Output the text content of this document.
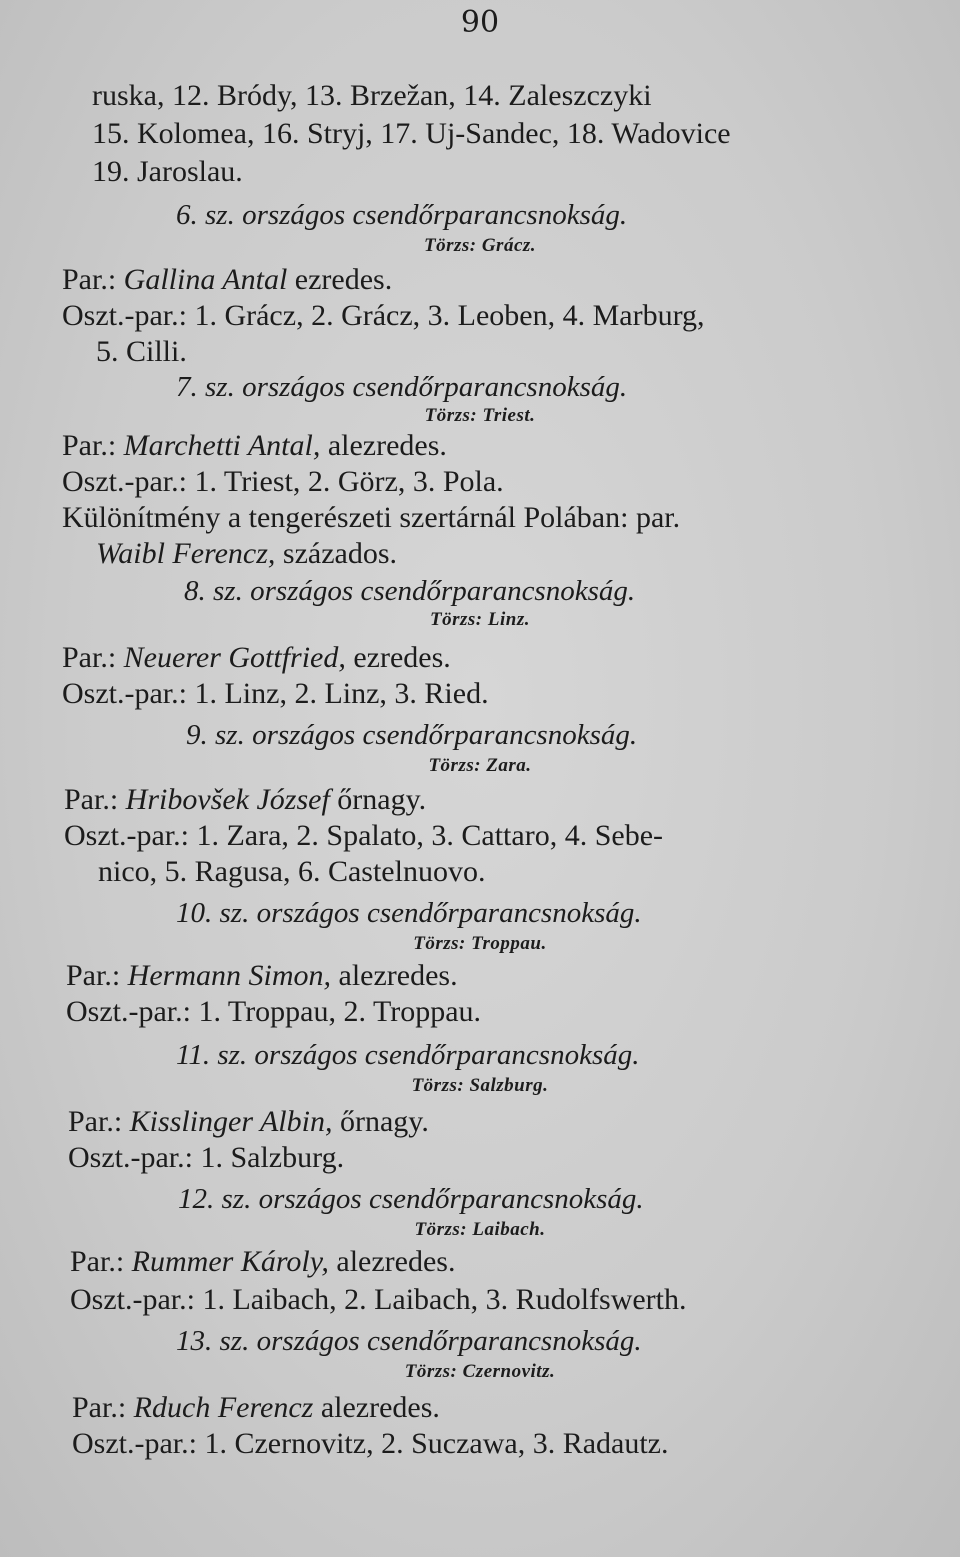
90
ruska, 12. Bródy, 13. Brzežan, 14. Zaleszczyki
15. Kolomea, 16. Stryj, 17. Uj-Sandec, 18. Wadovice
19. Jaroslau.
6. sz. országos csendőrparancsnokság.
Törzs: Grácz.
Par.: Gallina Antal ezredes.
Oszt.-par.: 1. Grácz, 2. Grácz, 3. Leoben, 4. Marburg,
5. Cilli.
7. sz. országos csendőrparancsnokság.
Törzs: Triest.
Par.: Marchetti Antal, alezredes.
Oszt.-par.: 1. Triest, 2. Görz, 3. Pola.
Különítmény a tengerészeti szertárnál Polában: par.
Waibl Ferencz, százados.
8. sz. országos csendőrparancsnokság.
Törzs: Linz.
Par.: Neuerer Gottfried, ezredes.
Oszt.-par.: 1. Linz, 2. Linz, 3. Ried.
9. sz. országos csendőrparancsnokság.
Törzs: Zara.
Par.: Hribovšek József őrnagy.
Oszt.-par.: 1. Zara, 2. Spalato, 3. Cattaro, 4. Sebe-
nico, 5. Ragusa, 6. Castelnuovo.
10. sz. országos csendőrparancsnokság.
Törzs: Troppau.
Par.: Hermann Simon, alezredes.
Oszt.-par.: 1. Troppau, 2. Troppau.
11. sz. országos csendőrparancsnokság.
Törzs: Salzburg.
Par.: Kisslinger Albin, őrnagy.
Oszt.-par.: 1. Salzburg.
12. sz. országos csendőrparancsnokság.
Törzs: Laibach.
Par.: Rummer Károly, alezredes.
Oszt.-par.: 1. Laibach, 2. Laibach, 3. Rudolfswerth.
13. sz. országos csendőrparancsnokság.
Törzs: Czernovitz.
Par.: Rduch Ferencz alezredes.
Oszt.-par.: 1. Czernovitz, 2. Suczawa, 3. Radautz.
